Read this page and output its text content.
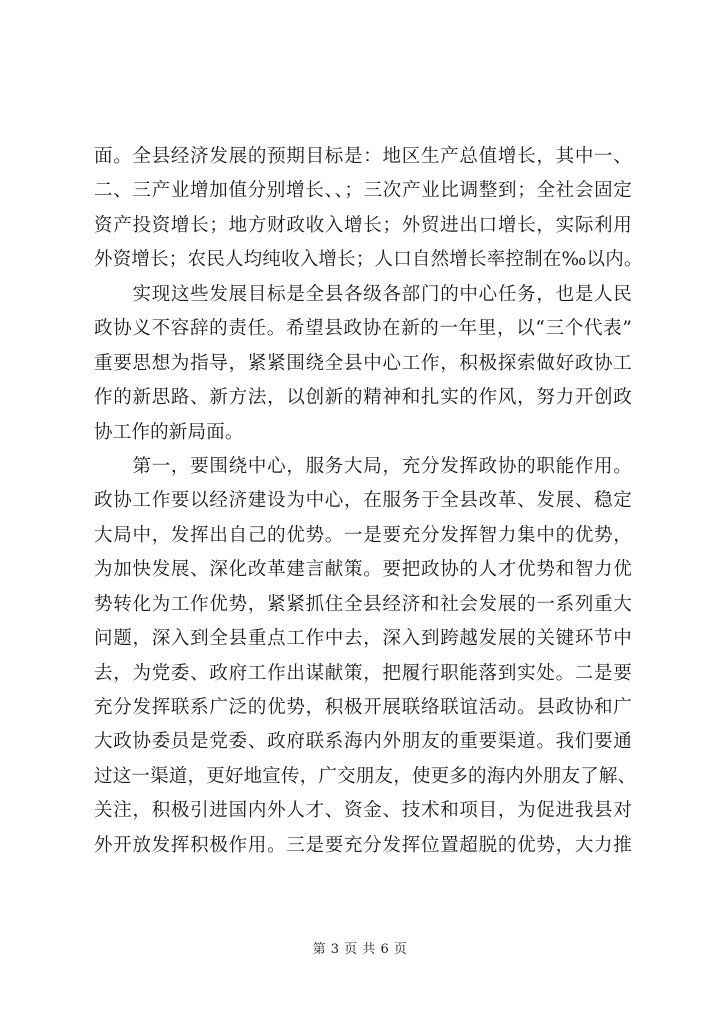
面。全县经济发展的预期目标是：地区生产总值增长，其中一、
二、三产业增加值分别增长、、；三次产业比调整到；全社会固定
资产投资增长；地方财政收入增长；外贸进出口增长，实际利用
外资增长；农民人均纯收入增长；人口自然增长率控制在‰以内。
　　实现这些发展目标是全县各级各部门的中心任务，也是人民
政协义不容辞的责任。希望县政协在新的一年里，以“三个代表”
重要思想为指导，紧紧围绕全县中心工作，积极探索做好政协工
作的新思路、新方法，以创新的精神和扎实的作风，努力开创政
协工作的新局面。
　　第一，要围绕中心，服务大局，充分发挥政协的职能作用。
政协工作要以经济建设为中心，在服务于全县改革、发展、稳定
大局中，发挥出自己的优势。一是要充分发挥智力集中的优势，
为加快发展、深化改革建言献策。要把政协的人才优势和智力优
势转化为工作优势，紧紧抓住全县经济和社会发展的一系列重大
问题，深入到全县重点工作中去，深入到跨越发展的关键环节中
去，为党委、政府工作出谋献策，把履行职能落到实处。二是要
充分发挥联系广泛的优势，积极开展联络联谊活动。县政协和广
大政协委员是党委、政府联系海内外朋友的重要渠道。我们要通
过这一渠道，更好地宣传，广交朋友，使更多的海内外朋友了解、
关注，积极引进国内外人才、资金、技术和项目，为促进我县对
外开放发挥积极作用。三是要充分发挥位置超脱的优势，大力推
第 3 页 共 6 页
